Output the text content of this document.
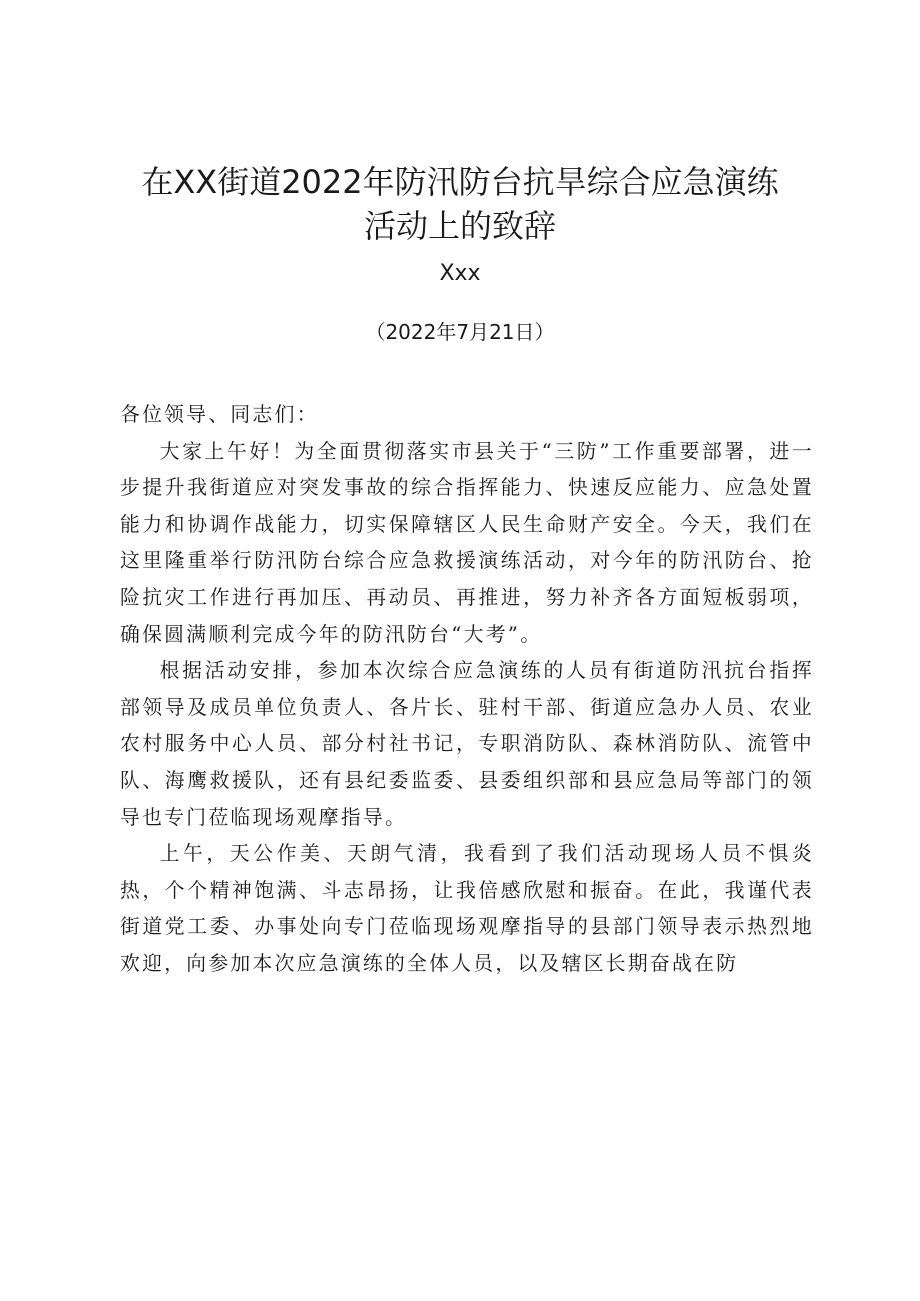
在XX街道2022年防汛防台抗旱综合应急演练
活动上的致辞

Xxx

（2022年7月21日）

各位领导、同志们：

大家上午好！为全面贯彻落实市县关于“三防”工作重要部署，进一步提升我街道应对突发事故的综合指挥能力、快速反应能力、应急处置能力和协调作战能力，切实保障辖区人民生命财产安全。今天，我们在这里隆重举行防汛防台综合应急救援演练活动，对今年的防汛防台、抢险抗灾工作进行再加压、再动员、再推进，努力补齐各方面短板弱项，确保圆满顺利完成今年的防汛防台“大考”。

根据活动安排，参加本次综合应急演练的人员有街道防汛抗台指挥部领导及成员单位负责人、各片长、驻村干部、街道应急办人员、农业农村服务中心人员、部分村社书记，专职消防队、森林消防队、流管中队、海鹰救援队，还有县纪委监委、县委组织部和县应急局等部门的领导也专门莅临现场观摩指导。

上午，天公作美、天朗气清，我看到了我们活动现场人员不惧炎热，个个精神饱满、斗志昂扬，让我倍感欣慰和振奋。在此，我谨代表街道党工委、办事处向专门莅临现场观摩指导的县部门领导表示热烈地欢迎，向参加本次应急演练的全体人员，以及辖区长期奋战在防
